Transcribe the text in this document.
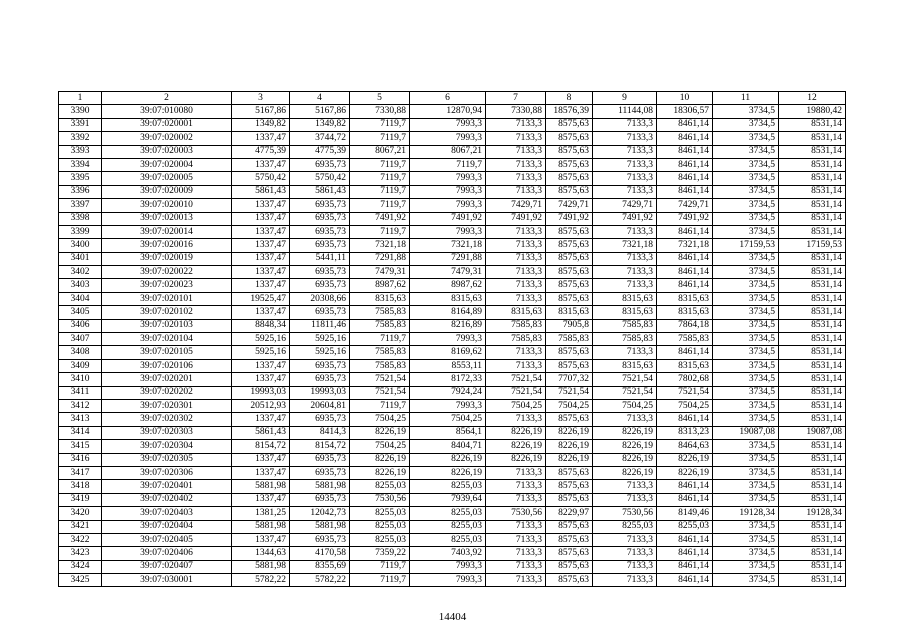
1	2	3	4	5	6	7	8	9	10	11	12
3390	39:07:010080	5167,86	5167,86	7330,88	12870,94	7330,88	18576,39	11144,08	18306,57	3734,5	19880,42
3391	39:07:020001	1349,82	1349,82	7119,7	7993,3	7133,3	8575,63	7133,3	8461,14	3734,5	8531,14
3392	39:07:020002	1337,47	3744,72	7119,7	7993,3	7133,3	8575,63	7133,3	8461,14	3734,5	8531,14
3393	39:07:020003	4775,39	4775,39	8067,21	8067,21	7133,3	8575,63	7133,3	8461,14	3734,5	8531,14
3394	39:07:020004	1337,47	6935,73	7119,7	7119,7	7133,3	8575,63	7133,3	8461,14	3734,5	8531,14
3395	39:07:020005	5750,42	5750,42	7119,7	7993,3	7133,3	8575,63	7133,3	8461,14	3734,5	8531,14
3396	39:07:020009	5861,43	5861,43	7119,7	7993,3	7133,3	8575,63	7133,3	8461,14	3734,5	8531,14
3397	39:07:020010	1337,47	6935,73	7119,7	7993,3	7429,71	7429,71	7429,71	7429,71	3734,5	8531,14
3398	39:07:020013	1337,47	6935,73	7491,92	7491,92	7491,92	7491,92	7491,92	7491,92	3734,5	8531,14
3399	39:07:020014	1337,47	6935,73	7119,7	7993,3	7133,3	8575,63	7133,3	8461,14	3734,5	8531,14
3400	39:07:020016	1337,47	6935,73	7321,18	7321,18	7133,3	8575,63	7321,18	7321,18	17159,53	17159,53
3401	39:07:020019	1337,47	5441,11	7291,88	7291,88	7133,3	8575,63	7133,3	8461,14	3734,5	8531,14
3402	39:07:020022	1337,47	6935,73	7479,31	7479,31	7133,3	8575,63	7133,3	8461,14	3734,5	8531,14
3403	39:07:020023	1337,47	6935,73	8987,62	8987,62	7133,3	8575,63	7133,3	8461,14	3734,5	8531,14
3404	39:07:020101	19525,47	20308,66	8315,63	8315,63	7133,3	8575,63	8315,63	8315,63	3734,5	8531,14
3405	39:07:020102	1337,47	6935,73	7585,83	8164,89	8315,63	8315,63	8315,63	8315,63	3734,5	8531,14
3406	39:07:020103	8848,34	11811,46	7585,83	8216,89	7585,83	7905,8	7585,83	7864,18	3734,5	8531,14
3407	39:07:020104	5925,16	5925,16	7119,7	7993,3	7585,83	7585,83	7585,83	7585,83	3734,5	8531,14
3408	39:07:020105	5925,16	5925,16	7585,83	8169,62	7133,3	8575,63	7133,3	8461,14	3734,5	8531,14
3409	39:07:020106	1337,47	6935,73	7585,83	8553,11	7133,3	8575,63	8315,63	8315,63	3734,5	8531,14
3410	39:07:020201	1337,47	6935,73	7521,54	8172,33	7521,54	7707,32	7521,54	7802,68	3734,5	8531,14
3411	39:07:020202	19993,03	19993,03	7521,54	7924,24	7521,54	7521,54	7521,54	7521,54	3734,5	8531,14
3412	39:07:020301	20512,93	20604,81	7119,7	7993,3	7504,25	7504,25	7504,25	7504,25	3734,5	8531,14
3413	39:07:020302	1337,47	6935,73	7504,25	7504,25	7133,3	8575,63	7133,3	8461,14	3734,5	8531,14
3414	39:07:020303	5861,43	8414,3	8226,19	8564,1	8226,19	8226,19	8226,19	8313,23	19087,08	19087,08
3415	39:07:020304	8154,72	8154,72	7504,25	8404,71	8226,19	8226,19	8226,19	8464,63	3734,5	8531,14
3416	39:07:020305	1337,47	6935,73	8226,19	8226,19	8226,19	8226,19	8226,19	8226,19	3734,5	8531,14
3417	39:07:020306	1337,47	6935,73	8226,19	8226,19	7133,3	8575,63	8226,19	8226,19	3734,5	8531,14
3418	39:07:020401	5881,98	5881,98	8255,03	8255,03	7133,3	8575,63	7133,3	8461,14	3734,5	8531,14
3419	39:07:020402	1337,47	6935,73	7530,56	7939,64	7133,3	8575,63	7133,3	8461,14	3734,5	8531,14
3420	39:07:020403	1381,25	12042,73	8255,03	8255,03	7530,56	8229,97	7530,56	8149,46	19128,34	19128,34
3421	39:07:020404	5881,98	5881,98	8255,03	8255,03	7133,3	8575,63	8255,03	8255,03	3734,5	8531,14
3422	39:07:020405	1337,47	6935,73	8255,03	8255,03	7133,3	8575,63	7133,3	8461,14	3734,5	8531,14
3423	39:07:020406	1344,63	4170,58	7359,22	7403,92	7133,3	8575,63	7133,3	8461,14	3734,5	8531,14
3424	39:07:020407	5881,98	8355,69	7119,7	7993,3	7133,3	8575,63	7133,3	8461,14	3734,5	8531,14
3425	39:07:030001	5782,22	5782,22	7119,7	7993,3	7133,3	8575,63	7133,3	8461,14	3734,5	8531,14
14404
